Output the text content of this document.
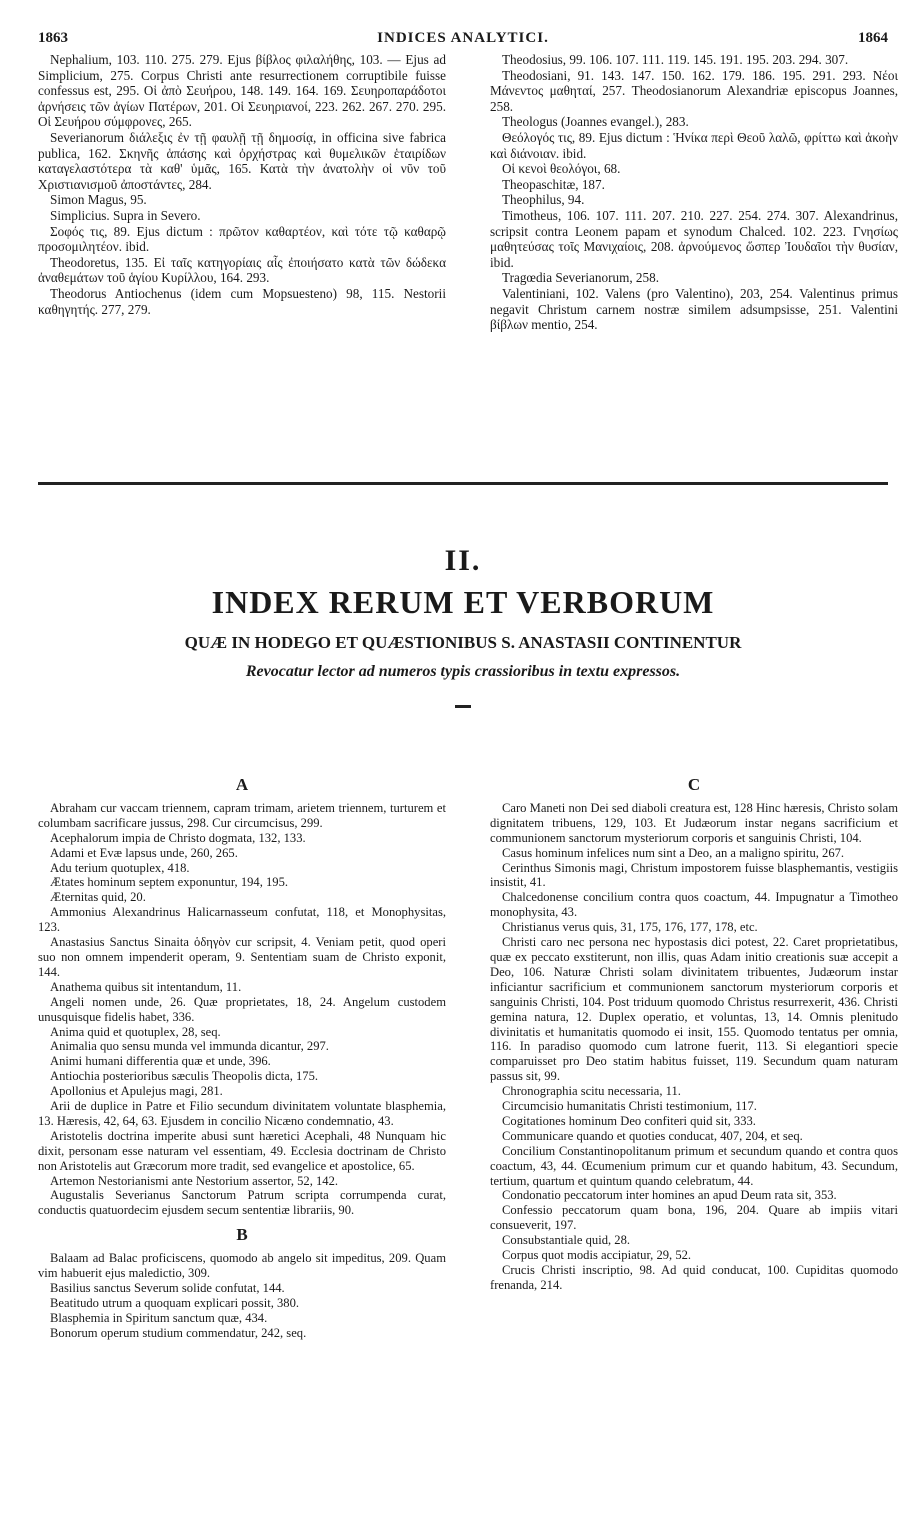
1863	INDICES ANALYTICI.	1864

Nephalium, 103. 110. 275. 279. Ejus βίβλος φιλαλήθης, 103. — Ejus ad Simplicium, 275. Corpus Christi ante resurrectionem corruptibile fuisse confessus est, 295. Οἱ ἀπὸ Σευήρου, 148. 149. 164. 169. Σευηροπαράδοτοι ἀρνήσεις τῶν ἁγίων Πατέρων, 201. Οἱ Σευηριανοί, 223. 262. 267. 270. 295. Οἱ Σευήρου σύμφρονες, 265.

Severianorum διάλεξις ἐν τῇ φαυλῇ τῇ δημοσίᾳ, in officina sive fabrica publica, 162. Σκηνῆς ἁπάσης καὶ ὀρχήστρας καὶ θυμελικῶν ἑταιρίδων καταγελαστότερα τὰ καθ' ὑμᾶς, 165. Κατὰ τὴν ἀνατολὴν οἱ νῦν τοῦ Χριστιανισμοῦ ἀποστάντες, 284.

Simon Magus, 95.

Simplicius. Supra in Severo.

Σοφός τις, 89. Ejus dictum : πρῶτον καθαρτέον, καὶ τότε τῷ καθαρῷ προσομιλητέον. ibid.

Theodoretus, 135. Εἰ ταῖς κατηγορίαις αἷς ἐποιήσατο κατὰ τῶν δώδεκα ἀναθεμάτων τοῦ ἁγίου Κυρίλλου, 164. 293.

Theodorus Antiochenus (idem cum Mopsuesteno) 98, 115. Nestorii καθηγητής. 277, 279.

Theodosius, 99. 106. 107. 111. 119. 145. 191. 195. 203. 294. 307.

Theodosiani, 91. 143. 147. 150. 162. 179. 186. 195. 291. 293. Νέοι Μάνεντος μαθηταί, 257. Theodosianorum Alexandriæ episcopus Joannes, 258.

Theologus (Joannes evangel.), 283.

Θεόλογός τις, 89. Ejus dictum : Ἡνίκα περὶ Θεοῦ λαλῶ, φρίττω καὶ ἀκοὴν καὶ διάνοιαν. ibid.

Οἱ κενοὶ θεολόγοι, 68.

Theopaschitæ, 187.

Theophilus, 94.

Timotheus, 106. 107. 111. 207. 210. 227. 254. 274. 307. Alexandrinus, scripsit contra Leonem papam et synodum Chalced. 102. 223. Γνησίως μαθητεύσας τοῖς Μανιχαίοις, 208. ἀρνούμενος ὥσπερ Ἰουδαῖοι τὴν θυσίαν, ibid.

Tragœdia Severianorum, 258.

Valentiniani, 102. Valens (pro Valentino), 203, 254. Valentinus primus negavit Christum carnem nostræ similem adsumpsisse, 251. Valentini βίβλων mentio, 254.

II.
INDEX RERUM ET VERBORUM
QUÆ IN HODEGO ET QUÆSTIONIBUS S. ANASTASII CONTINENTUR
Revocatur lector ad numeros typis crassioribus in textu expressos.
A

Abraham cur vaccam triennem, capram trimam, arietem triennem, turturem et columbam sacrificare jussus, 298. Cur circumcisus, 299.

Acephalorum impia de Christo dogmata, 132, 133.

Adami et Evæ lapsus unde, 260, 265.

Adu terium quotuplex, 418.

Ætates hominum septem exponuntur, 194, 195.

Æternitas quid, 20.

Ammonius Alexandrinus Halicarnasseum confutat, 118, et Monophysitas, 123.

Anastasius Sanctus Sinaita ὁδηγὸν cur scripsit, 4. Veniam petit, quod operi suo non omnem impenderit operam, 9. Sententiam suam de Christo exponit, 144.

Anathema quibus sit intentandum, 11.

Angeli nomen unde, 26. Quæ proprietates, 18, 24. Angelum custodem unusquisque fidelis habet, 336.

Anima quid et quotuplex, 28, seq.

Animalia quo sensu munda vel immunda dicantur, 297.

Animi humani differentia quæ et unde, 396.

Antiochia posterioribus sæculis Theopolis dicta, 175.

Apollonius et Apulejus magi, 281.

Arii de duplice in Patre et Filio secundum divinitatem voluntate blasphemia, 13. Hæresis, 42, 64, 63. Ejusdem in concilio Nicæno condemnatio, 43.

Aristotelis doctrina imperite abusi sunt hæretici Acephali, 48 Nunquam hic dixit, personam esse naturam vel essentiam, 49. Ecclesia doctrinam de Christo non Aristotelis aut Græcorum more tradit, sed evangelice et apostolice, 65.

Artemon Nestorianismi ante Nestorium assertor, 52, 142.

Augustalis Severianus Sanctorum Patrum scripta corrumpenda curat, conductis quatuordecim ejusdem secum sententiæ librariis, 90.

B

Balaam ad Balac proficiscens, quomodo ab angelo sit impeditus, 209. Quam vim habuerit ejus maledictio, 309.

Basilius sanctus Severum solide confutat, 144.

Beatitudo utrum a quoquam explicari possit, 380.

Blasphemia in Spiritum sanctum quæ, 434.

Bonorum operum studium commendatur, 242, seq.

C

Caro Maneti non Dei sed diaboli creatura est, 128 Hinc hæresis, Christo solam dignitatem tribuens, 129, 103. Et Judæorum instar negans sacrificium et communionem sanctorum mysteriorum corporis et sanguinis Christi, 104.

Casus hominum infelices num sint a Deo, an a maligno spiritu, 267.

Cerinthus Simonis magi, Christum impostorem fuisse blasphemantis, vestigiis insistit, 41.

Chalcedonense concilium contra quos coactum, 44. Impugnatur a Timotheo monophysita, 43.

Christianus verus quis, 31, 175, 176, 177, 178, etc.

Christi caro nec persona nec hypostasis dici potest, 22. Caret proprietatibus, quæ ex peccato exstiterunt, non illis, quas Adam initio creationis suæ accepit a Deo, 106. Naturæ Christi solam divinitatem tribuentes, Judæorum instar inficiantur sacrificium et communionem sanctorum mysteriorum corporis et sanguinis Christi, 104. Post triduum quomodo Christus resurrexerit, 436. Christi gemina natura, 12. Duplex operatio, et voluntas, 13, 14. Omnis plenitudo divinitatis et humanitatis quomodo ei insit, 155. Quomodo tentatus per omnia, 116. In paradiso quomodo cum latrone fuerit, 113. Si elegantiori specie comparuisset pro Deo statim habitus fuisset, 119. Secundum quam naturam passus sit, 99.

Chronographia scitu necessaria, 11.

Circumcisio humanitatis Christi testimonium, 117.

Cogitationes hominum Deo confiteri quid sit, 333.

Communicare quando et quoties conducat, 407, 204, et seq.

Concilium Constantinopolitanum primum et secundum quando et contra quos coactum, 43, 44. Œcumenium primum cur et quando habitum, 43. Secundum, tertium, quartum et quintum quando celebratum, 44.

Condonatio peccatorum inter homines an apud Deum rata sit, 353.

Confessio peccatorum quam bona, 196, 204. Quare ab impiis vitari consueverit, 197.

Consubstantiale quid, 28.

Corpus quot modis accipiatur, 29, 52.

Crucis Christi inscriptio, 98. Ad quid conducat, 100. Cupiditas quomodo frenanda, 214.
